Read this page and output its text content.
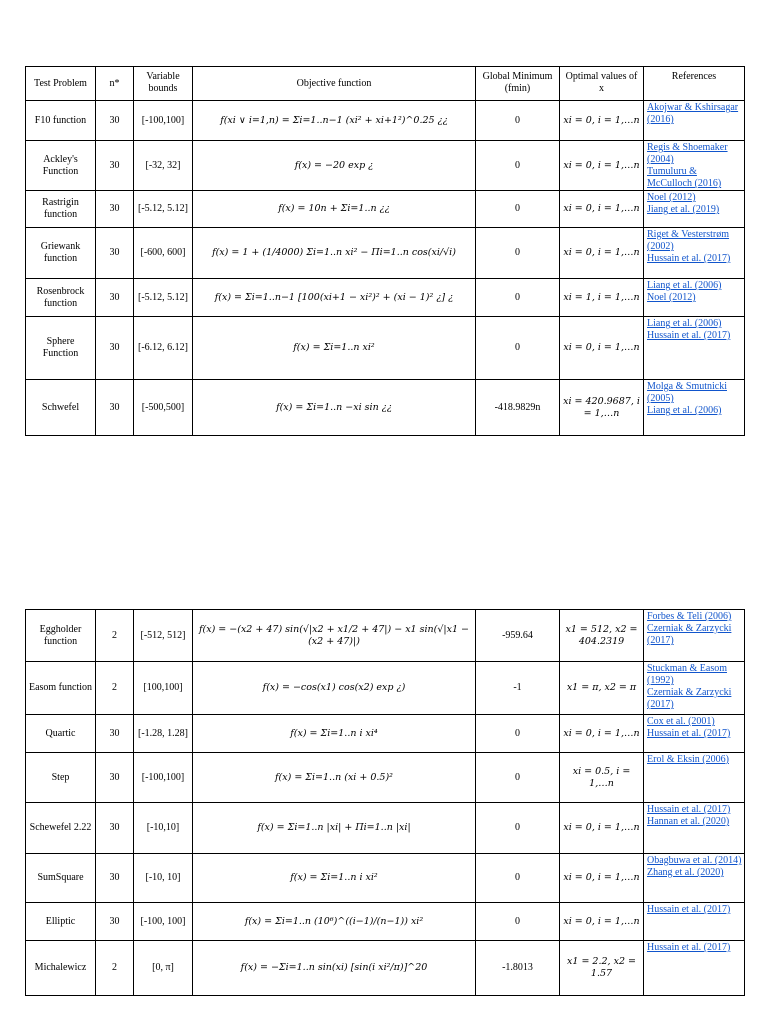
Test Problem	n*	Variable bounds	Objective function	Global Minimum (fmin)	Optimal values of x	References
F10 function	30	[-100,100]	f(xi ∨ i=1,n) = Σi=1..n−1 (xi² + xi+1²)^0.25 ¿¿	0	xi = 0, i = 1,…n	Akojwar & Kshirsagar (2016)

Ackley's Function	30	[-32, 32]	f(x) = −20 exp ¿	0	xi = 0, i = 1,…n	Regis & Shoemaker (2004)
Tumuluru & McCulloch (2016)

Rastrigin function	30	[-5.12, 5.12]	f(x) = 10n + Σi=1..n ¿¿	0	xi = 0, i = 1,…n	Noel (2012)
Jiang et al. (2019)

Griewank function	30	[-600, 600]	f(x) = 1 + (1/4000) Σi=1..n xi² − Πi=1..n cos(xi/√i)	0	xi = 0, i = 1,…n	Riget & Vesterstrøm (2002)
Hussain et al. (2017)

Rosenbrock function	30	[-5.12, 5.12]	f(x) = Σi=1..n−1 [100(xi+1 − xi²)² + (xi − 1)² ¿] ¿	0	xi = 1, i = 1,…n	Liang et al. (2006)
Noel (2012)

Sphere Function	30	[-6.12, 6.12]	f(x) = Σi=1..n xi²	0	xi = 0, i = 1,…n	Liang et al. (2006)
Hussain et al. (2017)

Schwefel	30	[-500,500]	f(x) = Σi=1..n −xi sin ¿¿	-418.9829n	xi = 420.9687, i = 1,…n	Molga & Smutnicki (2005)
Liang et al. (2006)
Eggholder function	2	[-512, 512]	f(x) = −(x2 + 47) sin(√|x2 + x1/2 + 47|) − x1 sin(√|x1 − (x2 + 47)|)	-959.64	x1 = 512, x2 = 404.2319	Forbes & Teli (2006)
Czerniak & Zarzycki (2017)

Easom function	2	[100,100]	f(x) = −cos(x1) cos(x2) exp ¿)	-1	x1 = π, x2 = π	Stuckman & Easom (1992)
Czerniak & Zarzycki (2017)

Quartic	30	[-1.28, 1.28]	f(x) = Σi=1..n i xi⁴	0	xi = 0, i = 1,…n	Cox et al. (2001)
Hussain et al. (2017)

Step	30	[-100,100]	f(x) = Σi=1..n (xi + 0.5)²	0	xi = 0.5, i = 1,…n	Erol & Eksin (2006)

Schewefel 2.22	30	[-10,10]	f(x) = Σi=1..n |xi| + Πi=1..n |xi|	0	xi = 0, i = 1,…n	Hussain et al. (2017)
Hannan et al. (2020)

SumSquare	30	[-10, 10]	f(x) = Σi=1..n i xi²	0	xi = 0, i = 1,…n	Obagbuwa et al. (2014)
Zhang et al. (2020)

Elliptic	30	[-100, 100]	f(x) = Σi=1..n (10⁶)^((i−1)/(n−1)) xi²	0	xi = 0, i = 1,…n	Hussain et al. (2017)

Michalewicz	2	[0, π]	f(x) = −Σi=1..n sin(xi) [sin(i xi²/π)]^20	-1.8013	x1 = 2.2, x2 = 1.57	Hussain et al. (2017)
